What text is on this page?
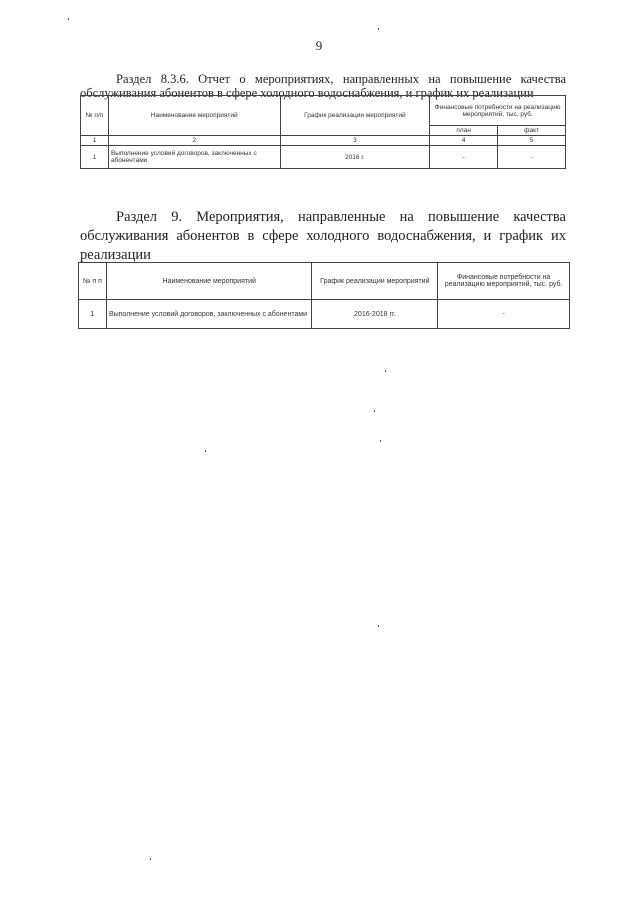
9
Раздел 8.3.6. Отчет о мероприятиях, направленных на повышение качества обслуживания абонентов в сфере холодного водоснабжения, и график их реализации
№ п/п	Наименование мероприятий	График реализации мероприятий	Финансовые потребности на реализацию мероприятий, тыс. руб.	
			план	факт
1	2	3	4	5
1	Выполнение условий договоров, заключенных с абонентами	2016 г.	-	-
Раздел 9. Мероприятия, направленные на повышение качества обслуживания абонентов в сфере холодного водоснабжения, и график их реализации
№ п п	Наименование мероприятий	График реализации мероприятий	Финансовые потребности на реализацию мероприятий, тыс. руб.
1	Выполнение условий договоров, заключенных с абонентами	2016-2018 гг.	-
